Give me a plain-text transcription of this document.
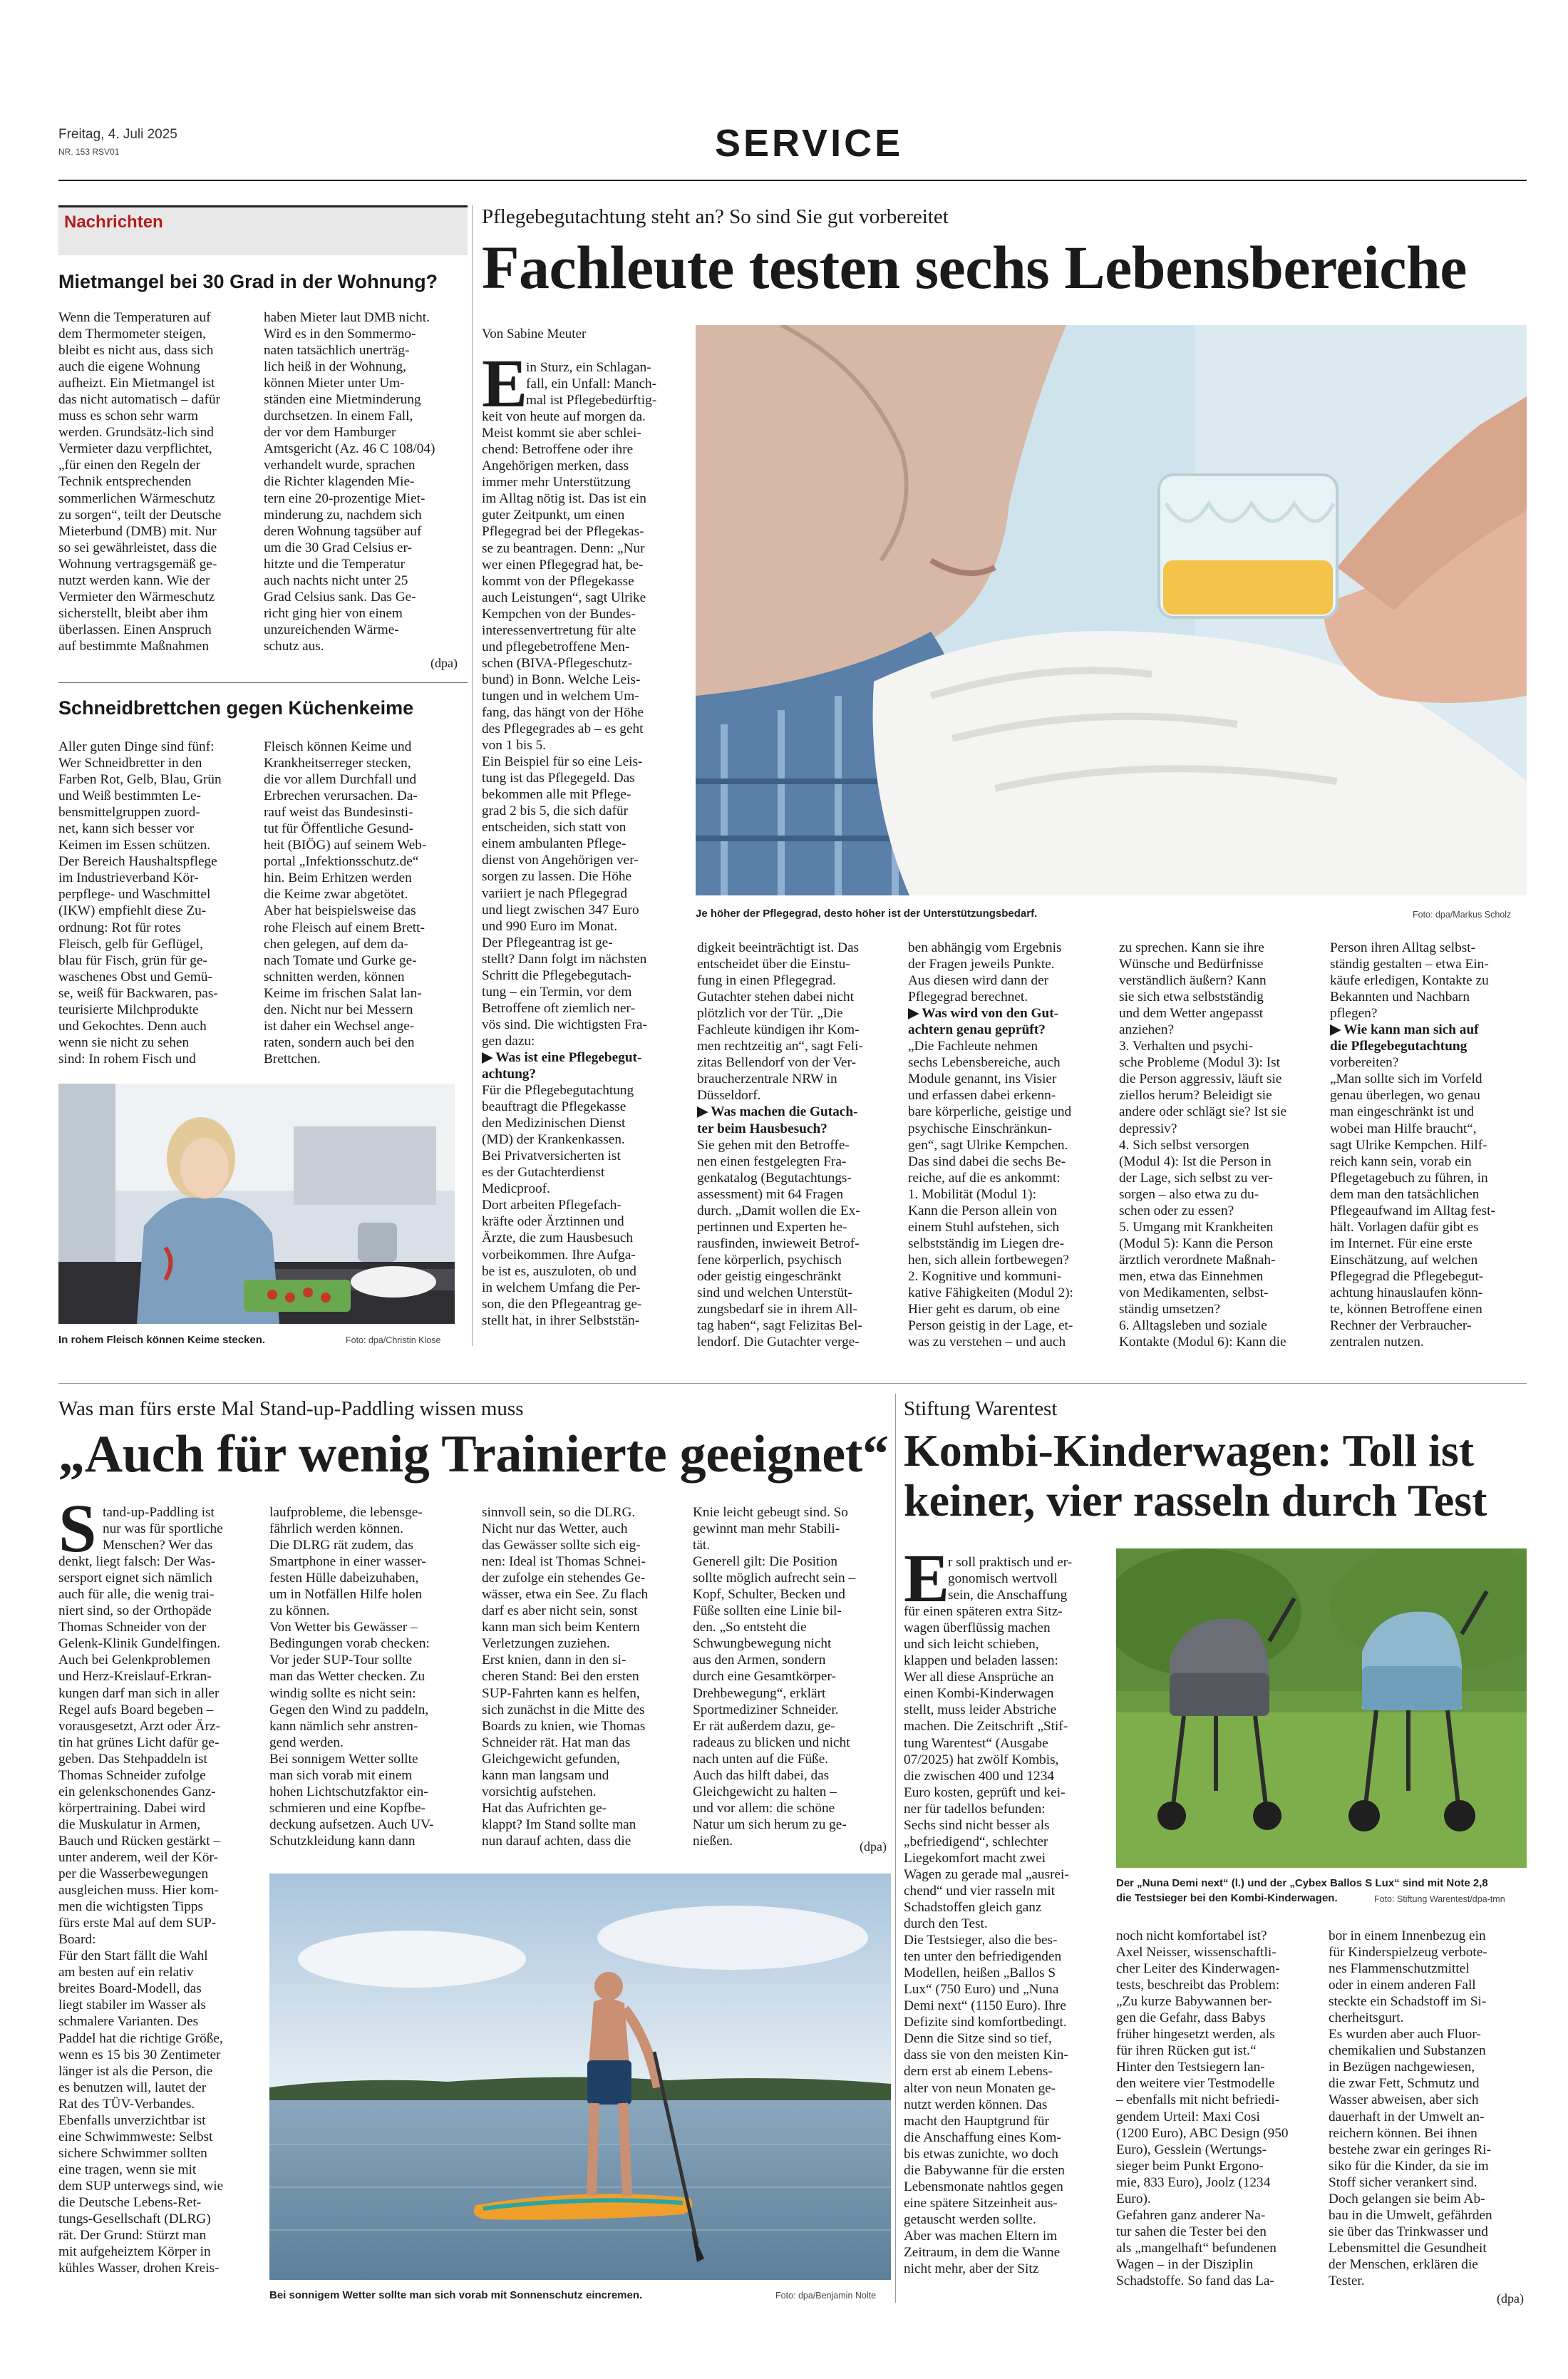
Freitag, 4. Juli 2025
NR. 153 RSV01	SERVICE
Nachrichten
Mietmangel bei 30 Grad in der Wohnung?
Wenn die Temperaturen auf
dem Thermometer steigen,
bleibt es nicht aus, dass sich
auch die eigene Wohnung
aufheizt. Ein Mietmangel ist
das nicht automatisch – dafür
muss es schon sehr warm
werden. Grundsätz-lich sind
Vermieter dazu verpflichtet,
„für einen den Regeln der
Technik entsprechenden
sommerlichen Wärmeschutz
zu sorgen“, teilt der Deutsche
Mieterbund (DMB) mit. Nur
so sei gewährleistet, dass die
Wohnung vertragsgemäß ge-
nutzt werden kann. Wie der
Vermieter den Wärmeschutz
sicherstellt, bleibt aber ihm
überlassen. Einen Anspruch
auf bestimmte Maßnahmen
haben Mieter laut DMB nicht.
Wird es in den Sommermo-
naten tatsächlich unerträg-
lich heiß in der Wohnung,
können Mieter unter Um-
ständen eine Mietminderung
durchsetzen. In einem Fall,
der vor dem Hamburger
Amtsgericht (Az. 46 C 108/04)
verhandelt wurde, sprachen
die Richter klagenden Mie-
tern eine 20-prozentige Miet-
minderung zu, nachdem sich
deren Wohnung tagsüber auf
um die 30 Grad Celsius er-
hitzte und die Temperatur
auch nachts nicht unter 25
Grad Celsius sank. Das Ge-
richt ging hier von einem
unzureichenden Wärme-
schutz aus.
(dpa)
Schneidbrettchen gegen Küchenkeime
Aller guten Dinge sind fünf:
Wer Schneidbretter in den
Farben Rot, Gelb, Blau, Grün
und Weiß bestimmten Le-
bensmittelgruppen zuord-
net, kann sich besser vor
Keimen im Essen schützen.
Der Bereich Haushaltspflege
im Industrieverband Kör-
perpflege- und Waschmittel
(IKW) empfiehlt diese Zu-
ordnung: Rot für rotes
Fleisch, gelb für Geflügel,
blau für Fisch, grün für ge-
waschenes Obst und Gemü-
se, weiß für Backwaren, pas-
teurisierte Milchprodukte
und Gekochtes. Denn auch
wenn sie nicht zu sehen
sind: In rohem Fisch und
Fleisch können Keime und
Krankheitserreger stecken,
die vor allem Durchfall und
Erbrechen verursachen. Da-
rauf weist das Bundesinsti-
tut für Öffentliche Gesund-
heit (BIÖG) auf seinem Web-
portal „Infektionsschutz.de“
hin. Beim Erhitzen werden
die Keime zwar abgetötet.
Aber hat beispielsweise das
rohe Fleisch auf einem Brett-
chen gelegen, auf dem da-
nach Tomate und Gurke ge-
schnitten werden, können
Keime im frischen Salat lan-
den. Nicht nur bei Messern
ist daher ein Wechsel ange-
raten, sondern auch bei den
Brettchen.
In rohem Fleisch können Keime stecken.	Foto: dpa/Christin Klose
Pflegebegutachtung steht an? So sind Sie gut vorbereitet
Fachleute testen sechs Lebensbereiche
Von Sabine Meuter
E
in Sturz, ein Schlagan-
fall, ein Unfall: Manch-
mal ist Pflegebedürftig-
keit von heute auf morgen da.
Meist kommt sie aber schlei-
chend: Betroffene oder ihre
Angehörigen merken, dass
immer mehr Unterstützung
im Alltag nötig ist. Das ist ein
guter Zeitpunkt, um einen
Pflegegrad bei der Pflegekas-
se zu beantragen. Denn: „Nur
wer einen Pflegegrad hat, be-
kommt von der Pflegekasse
auch Leistungen“, sagt Ulrike
Kempchen von der Bundes-
interessenvertretung für alte
und pflegebetroffene Men-
schen (BIVA-Pflegeschutz-
bund) in Bonn. Welche Leis-
tungen und in welchem Um-
fang, das hängt von der Höhe
des Pflegegrades ab – es geht
von 1 bis 5.
Ein Beispiel für so eine Leis-
tung ist das Pflegegeld. Das
bekommen alle mit Pflege-
grad 2 bis 5, die sich dafür
entscheiden, sich statt von
einem ambulanten Pflege-
dienst von Angehörigen ver-
sorgen zu lassen. Die Höhe
variiert je nach Pflegegrad
und liegt zwischen 347 Euro
und 990 Euro im Monat.
Der Pflegeantrag ist ge-
stellt? Dann folgt im nächsten
Schritt die Pflegebegutach-
tung – ein Termin, vor dem
Betroffene oft ziemlich ner-
vös sind. Die wichtigsten Fra-
gen dazu:
▶ Was ist eine Pflegebegut-
achtung?
Für die Pflegebegutachtung
beauftragt die Pflegekasse
den Medizinischen Dienst
(MD) der Krankenkassen.
Bei Privatversicherten ist
es der Gutachterdienst
Medicproof.
Dort arbeiten Pflegefach-
kräfte oder Ärztinnen und
Ärzte, die zum Hausbesuch
vorbeikommen. Ihre Aufga-
be ist es, auszuloten, ob und
in welchem Umfang die Per-
son, die den Pflegeantrag ge-
stellt hat, in ihrer Selbststän-
digkeit beeinträchtigt ist. Das
entscheidet über die Einstu-
fung in einen Pflegegrad.
Gutachter stehen dabei nicht
plötzlich vor der Tür. „Die
Fachleute kündigen ihr Kom-
men rechtzeitig an“, sagt Feli-
zitas Bellendorf von der Ver-
braucherzentrale NRW in
Düsseldorf.
▶ Was machen die Gutach-
ter beim Hausbesuch?
Sie gehen mit den Betroffe-
nen einen festgelegten Fra-
genkatalog (Begutachtungs-
assessment) mit 64 Fragen
durch. „Damit wollen die Ex-
pertinnen und Experten he-
rausfinden, inwieweit Betrof-
fene körperlich, psychisch
oder geistig eingeschränkt
sind und welchen Unterstüt-
zungsbedarf sie in ihrem All-
tag haben“, sagt Felizitas Bel-
lendorf. Die Gutachter verge-
ben abhängig vom Ergebnis
der Fragen jeweils Punkte.
Aus diesen wird dann der
Pflegegrad berechnet.
▶ Was wird von den Gut-
achtern genau geprüft?
„Die Fachleute nehmen
sechs Lebensbereiche, auch
Module genannt, ins Visier
und erfassen dabei erkenn-
bare körperliche, geistige und
psychische Einschränkun-
gen“, sagt Ulrike Kempchen.
Das sind dabei die sechs Be-
reiche, auf die es ankommt:
1. Mobilität (Modul 1):
Kann die Person allein von
einem Stuhl aufstehen, sich
selbstständig im Liegen dre-
hen, sich allein fortbewegen?
2. Kognitive und kommuni-
kative Fähigkeiten (Modul 2):
Hier geht es darum, ob eine
Person geistig in der Lage, et-
was zu verstehen – und auch
zu sprechen. Kann sie ihre
Wünsche und Bedürfnisse
verständlich äußern? Kann
sie sich etwa selbstständig
und dem Wetter angepasst
anziehen?
3. Verhalten und psychi-
sche Probleme (Modul 3): Ist
die Person aggressiv, läuft sie
ziellos herum? Beleidigt sie
andere oder schlägt sie? Ist sie
depressiv?
4. Sich selbst versorgen
(Modul 4): Ist die Person in
der Lage, sich selbst zu ver-
sorgen – also etwa zu du-
schen oder zu essen?
5. Umgang mit Krankheiten
(Modul 5): Kann die Person
ärztlich verordnete Maßnah-
men, etwa das Einnehmen
von Medikamenten, selbst-
ständig umsetzen?
6. Alltagsleben und soziale
Kontakte (Modul 6): Kann die
Person ihren Alltag selbst-
ständig gestalten – etwa Ein-
käufe erledigen, Kontakte zu
Bekannten und Nachbarn
pflegen?
▶ Wie kann man sich auf
die Pflegebegutachtung
vorbereiten?
„Man sollte sich im Vorfeld
genau überlegen, wo genau
man eingeschränkt ist und
wobei man Hilfe braucht“,
sagt Ulrike Kempchen. Hilf-
reich kann sein, vorab ein
Pflegetagebuch zu führen, in
dem man den tatsächlichen
Pflegeaufwand im Alltag fest-
hält. Vorlagen dafür gibt es
im Internet. Für eine erste
Einschätzung, auf welchen
Pflegegrad die Pflegebegut-
achtung hinauslaufen könn-
te, können Betroffene einen
Rechner der Verbraucher-
zentralen nutzen.
Je höher der Pflegegrad, desto höher ist der Unterstützungsbedarf.	Foto: dpa/Markus Scholz
Was man fürs erste Mal Stand-up-Paddling wissen muss
„Auch für wenig Trainierte geeignet“
S tand-up-Paddling ist
nur was für sportliche
Menschen? Wer das
denkt, liegt falsch: Der Was-
sersport eignet sich nämlich
auch für alle, die wenig trai-
niert sind, so der Orthopäde
Thomas Schneider von der
Gelenk-Klinik Gundelfingen.
Auch bei Gelenkproblemen
und Herz-Kreislauf-Erkran-
kungen darf man sich in aller
Regel aufs Board begeben –
vorausgesetzt, Arzt oder Ärz-
tin hat grünes Licht dafür ge-
geben. Das Stehpaddeln ist
Thomas Schneider zufolge
ein gelenkschonendes Ganz-
körpertraining. Dabei wird
die Muskulatur in Armen,
Bauch und Rücken gestärkt –
unter anderem, weil der Kör-
per die Wasserbewegungen
ausgleichen muss. Hier kom-
men die wichtigsten Tipps
fürs erste Mal auf dem SUP-
Board:
Für den Start fällt die Wahl
am besten auf ein relativ
breites Board-Modell, das
liegt stabiler im Wasser als
schmalere Varianten. Des
Paddel hat die richtige Größe,
wenn es 15 bis 30 Zentimeter
länger ist als die Person, die
es benutzen will, lautet der
Rat des TÜV-Verbandes.
Ebenfalls unverzichtbar ist
eine Schwimmweste: Selbst
sichere Schwimmer sollten
eine tragen, wenn sie mit
dem SUP unterwegs sind, wie
die Deutsche Lebens-Ret-
tungs-Gesellschaft (DLRG)
rät. Der Grund: Stürzt man
mit aufgeheiztem Körper in
kühles Wasser, drohen Kreis-
laufprobleme, die lebensge-
fährlich werden können.
Die DLRG rät zudem, das
Smartphone in einer wasser-
festen Hülle dabeizuhaben,
um in Notfällen Hilfe holen
zu können.
Von Wetter bis Gewässer –
Bedingungen vorab checken:
Vor jeder SUP-Tour sollte
man das Wetter checken. Zu
windig sollte es nicht sein:
Gegen den Wind zu paddeln,
kann nämlich sehr anstren-
gend werden.
Bei sonnigem Wetter sollte
man sich vorab mit einem
hohen Lichtschutzfaktor ein-
schmieren und eine Kopfbe-
deckung aufsetzen. Auch UV-
Schutzkleidung kann dann
sinnvoll sein, so die DLRG.
Nicht nur das Wetter, auch
das Gewässer sollte sich eig-
nen: Ideal ist Thomas Schnei-
der zufolge ein stehendes Ge-
wässer, etwa ein See. Zu flach
darf es aber nicht sein, sonst
kann man sich beim Kentern
Verletzungen zuziehen.
Erst knien, dann in den si-
cheren Stand: Bei den ersten
SUP-Fahrten kann es helfen,
sich zunächst in die Mitte des
Boards zu knien, wie Thomas
Schneider rät. Hat man das
Gleichgewicht gefunden,
kann man langsam und
vorsichtig aufstehen.
Hat das Aufrichten ge-
klappt? Im Stand sollte man
nun darauf achten, dass die
Knie leicht gebeugt sind. So
gewinnt man mehr Stabili-
tät.
Generell gilt: Die Position
sollte möglich aufrecht sein –
Kopf, Schulter, Becken und
Füße sollten eine Linie bil-
den. „So entsteht die
Schwungbewegung nicht
aus den Armen, sondern
durch eine Gesamtkörper-
Drehbewegung“, erklärt
Sportmediziner Schneider.
Er rät außerdem dazu, ge-
radeaus zu blicken und nicht
nach unten auf die Füße.
Auch das hilft dabei, das
Gleichgewicht zu halten –
und vor allem: die schöne
Natur um sich herum zu ge-
nießen.	(dpa)
Bei sonnigem Wetter sollte man sich vorab mit Sonnenschutz eincremen.	Foto: dpa/Benjamin Nolte
Stiftung Warentest
Kombi-Kinderwagen: Toll ist
keiner, vier rasseln durch Test
E
r soll praktisch und er-
gonomisch wertvoll
sein, die Anschaffung
für einen späteren extra Sitz-
wagen überflüssig machen
und sich leicht schieben,
klappen und beladen lassen:
Wer all diese Ansprüche an
einen Kombi-Kinderwagen
stellt, muss leider Abstriche
machen. Die Zeitschrift „Stif-
tung Warentest“ (Ausgabe
07/2025) hat zwölf Kombis,
die zwischen 400 und 1234
Euro kosten, geprüft und kei-
ner für tadellos befunden:
Sechs sind nicht besser als
„befriedigend“, schlechter
Liegekomfort macht zwei
Wagen zu gerade mal „ausrei-
chend“ und vier rasseln mit
Schadstoffen gleich ganz
durch den Test.
Die Testsieger, also die bes-
ten unter den befriedigenden
Modellen, heißen „Ballos S
Lux“ (750 Euro) und „Nuna
Demi next“ (1150 Euro). Ihre
Defizite sind komfortbedingt.
Denn die Sitze sind so tief,
dass sie von den meisten Kin-
dern erst ab einem Lebens-
alter von neun Monaten ge-
nutzt werden können. Das
macht den Hauptgrund für
die Anschaffung eines Kom-
bis etwas zunichte, wo doch
die Babywanne für die ersten
Lebensmonate nahtlos gegen
eine spätere Sitzeinheit aus-
getauscht werden sollte.
Aber was machen Eltern im
Zeitraum, in dem die Wanne
nicht mehr, aber der Sitz
noch nicht komfortabel ist?
Axel Neisser, wissenschaftli-
cher Leiter des Kinderwagen-
tests, beschreibt das Problem:
„Zu kurze Babywannen ber-
gen die Gefahr, dass Babys
früher hingesetzt werden, als
für ihren Rücken gut ist.“
Hinter den Testsiegern lan-
den weitere vier Testmodelle
– ebenfalls mit nicht befriedi-
gendem Urteil: Maxi Cosi
(1200 Euro), ABC Design (950
Euro), Gesslein (Wertungs-
sieger beim Punkt Ergono-
mie, 833 Euro), Joolz (1234
Euro).
Gefahren ganz anderer Na-
tur sahen die Tester bei den
als „mangelhaft“ befundenen
Wagen – in der Disziplin
Schadstoffe. So fand das La-
bor in einem Innenbezug ein
für Kinderspielzeug verbote-
nes Flammenschutzmittel
oder in einem anderen Fall
steckte ein Schadstoff im Si-
cherheitsgurt.
Es wurden aber auch Fluor-
chemikalien und Substanzen
in Bezügen nachgewiesen,
die zwar Fett, Schmutz und
Wasser abweisen, aber sich
dauerhaft in der Umwelt an-
reichern können. Bei ihnen
bestehe zwar ein geringes Ri-
siko für die Kinder, da sie im
Stoff sicher verankert sind.
Doch gelangen sie beim Ab-
bau in die Umwelt, gefährden
sie über das Trinkwasser und
Lebensmittel die Gesundheit
der Menschen, erklären die
Tester.
(dpa)
Der „Nuna Demi next“ (l.) und der „Cybex Ballos S Lux“ sind mit Note 2,8
die Testsieger bei den Kombi-Kinderwagen.	Foto: Stiftung Warentest/dpa-tmn
